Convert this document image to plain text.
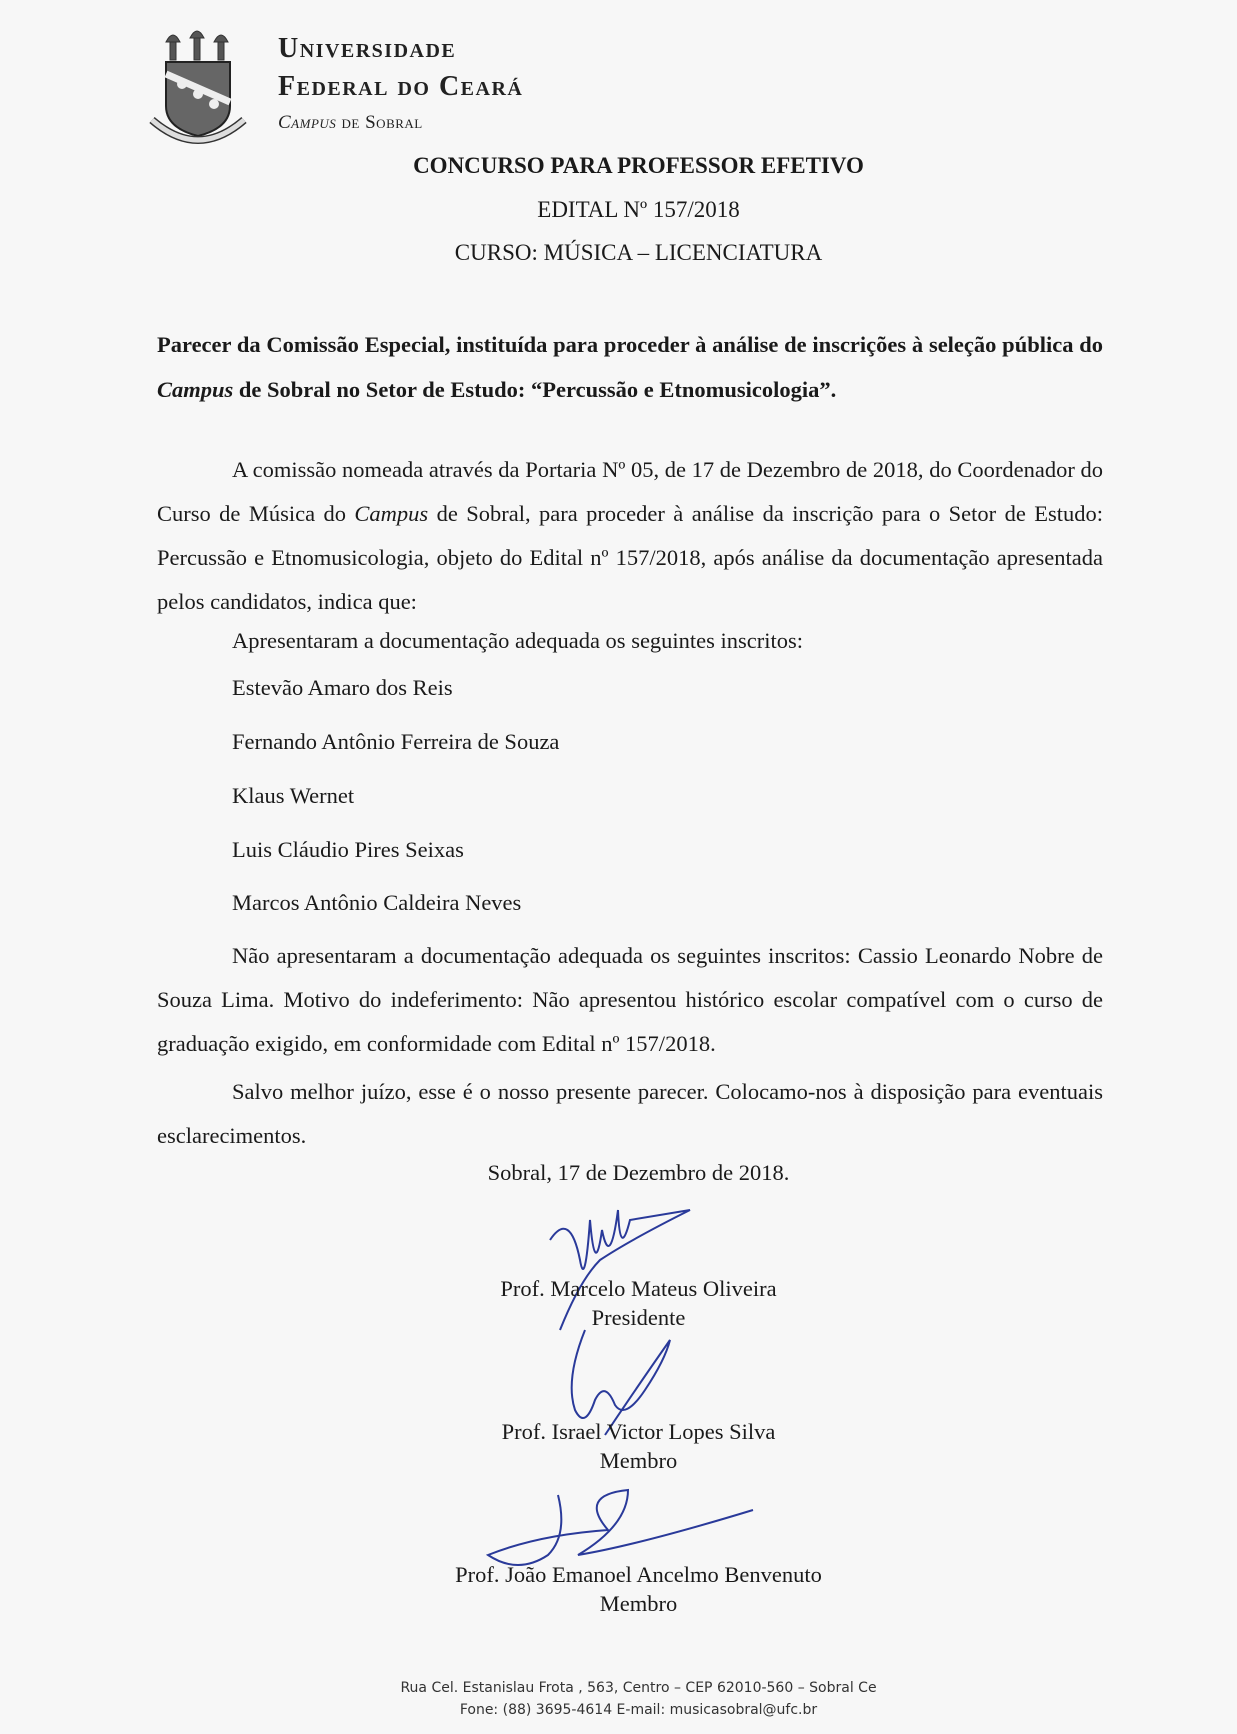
Universidade
Federal do Ceará
Campus de Sobral
CONCURSO PARA PROFESSOR EFETIVO
EDITAL Nº 157/2018
CURSO: MÚSICA – LICENCIATURA
Parecer da Comissão Especial, instituída para proceder à análise de inscrições à seleção pública do Campus de Sobral no Setor de Estudo: “Percussão e Etnomusicologia”.
A comissão nomeada através da Portaria Nº 05, de 17 de Dezembro de 2018, do Coordenador do Curso de Música do Campus de Sobral, para proceder à análise da inscrição para o Setor de Estudo: Percussão e Etnomusicologia, objeto do Edital nº 157/2018, após análise da documentação apresentada pelos candidatos, indica que:
Apresentaram a documentação adequada os seguintes inscritos:
Estevão Amaro dos Reis
Fernando Antônio Ferreira de Souza
Klaus Wernet
Luis Cláudio Pires Seixas
Marcos Antônio Caldeira Neves
Não apresentaram a documentação adequada os seguintes inscritos: Cassio Leonardo Nobre de Souza Lima. Motivo do indeferimento: Não apresentou histórico escolar compatível com o curso de graduação exigido, em conformidade com Edital nº 157/2018.
Salvo melhor juízo, esse é o nosso presente parecer. Colocamo-nos à disposição para eventuais esclarecimentos.
Sobral, 17 de Dezembro de 2018.
Prof. Marcelo Mateus Oliveira
Presidente
Prof. Israel Victor Lopes Silva
Membro
Prof. João Emanoel Ancelmo Benvenuto
Membro
Rua Cel. Estanislau Frota , 563, Centro – CEP 62010-560 – Sobral Ce
Fone: (88) 3695-4614 E-mail: musicasobral@ufc.br
